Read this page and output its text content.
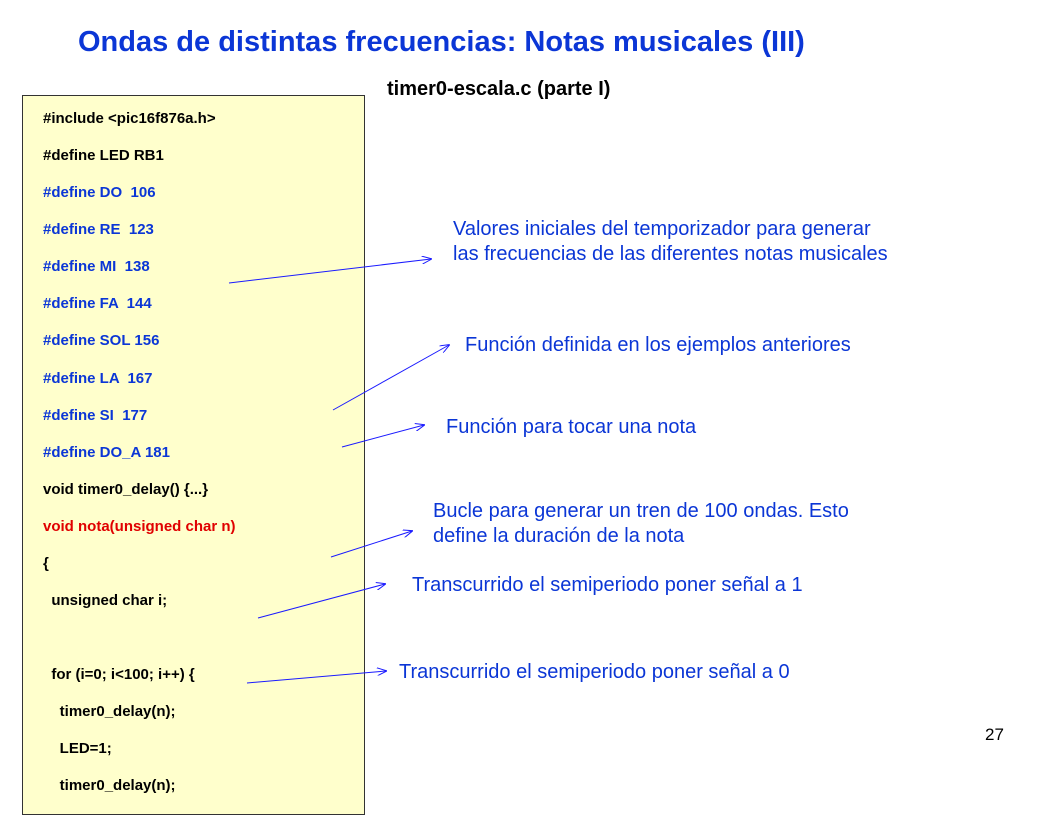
Ondas de distintas frecuencias: Notas musicales (III)
timer0-escala.c (parte I)
#include <pic16f876a.h>
#define LED RB1
#define DO  106
#define RE  123
#define MI  138
#define FA  144
#define SOL 156
#define LA  167
#define SI  177
#define DO_A 181
void timer0_delay() {...}
void nota(unsigned char n)
{
unsigned char i;
for (i=0; i<100; i++) {
timer0_delay(n);
LED=1;
timer0_delay(n);
Valores iniciales del temporizador para generar
las frecuencias de las diferentes notas musicales
Función definida en los ejemplos anteriores
Función para tocar una nota
Bucle para generar un tren de 100 ondas. Esto
define la duración de la nota
Transcurrido el semiperiodo poner señal a 1
Transcurrido el semiperiodo poner señal a 0
27
